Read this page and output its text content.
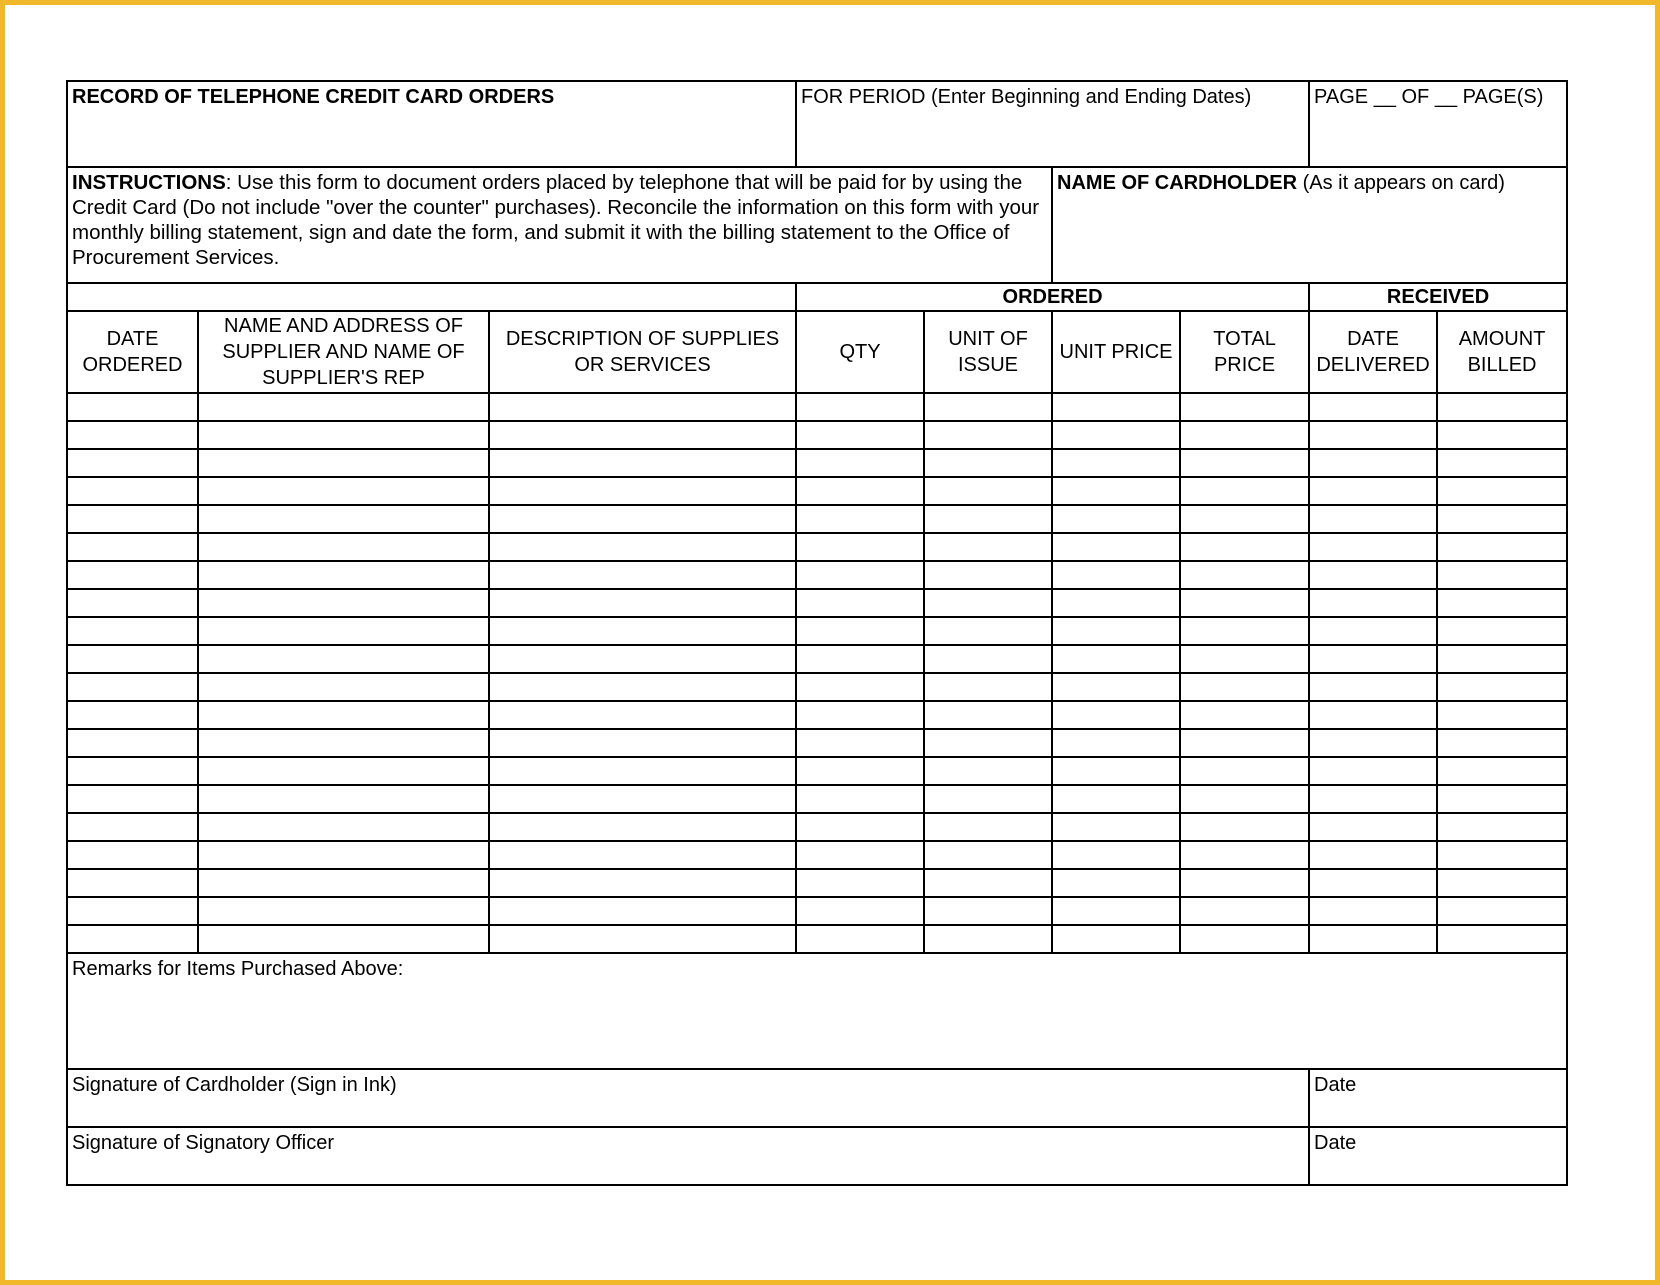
RECORD OF TELEPHONE CREDIT CARD ORDERS			FOR PERIOD (Enter Beginning and Ending Dates)				PAGE __ OF __ PAGE(S)	
INSTRUCTIONS: Use this form to document orders placed by telephone that will be paid for by using the Credit Card (Do not include "over the counter" purchases). Reconcile the information on this form with your monthly billing statement, sign and date the form, and submit it with the billing statement to the Office of Procurement Services.					NAME OF CARDHOLDER (As it appears on card)			
			ORDERED				RECEIVED	
DATE ORDERED	NAME AND ADDRESS OF SUPPLIER AND NAME OF SUPPLIER'S REP	DESCRIPTION OF SUPPLIES OR SERVICES	QTY	UNIT OF ISSUE	UNIT PRICE	TOTAL PRICE	DATE DELIVERED	AMOUNT BILLED

Remarks for Items Purchased Above:								
Signature of Cardholder (Sign in Ink)							Date	
Signature of Signatory Officer							Date	
